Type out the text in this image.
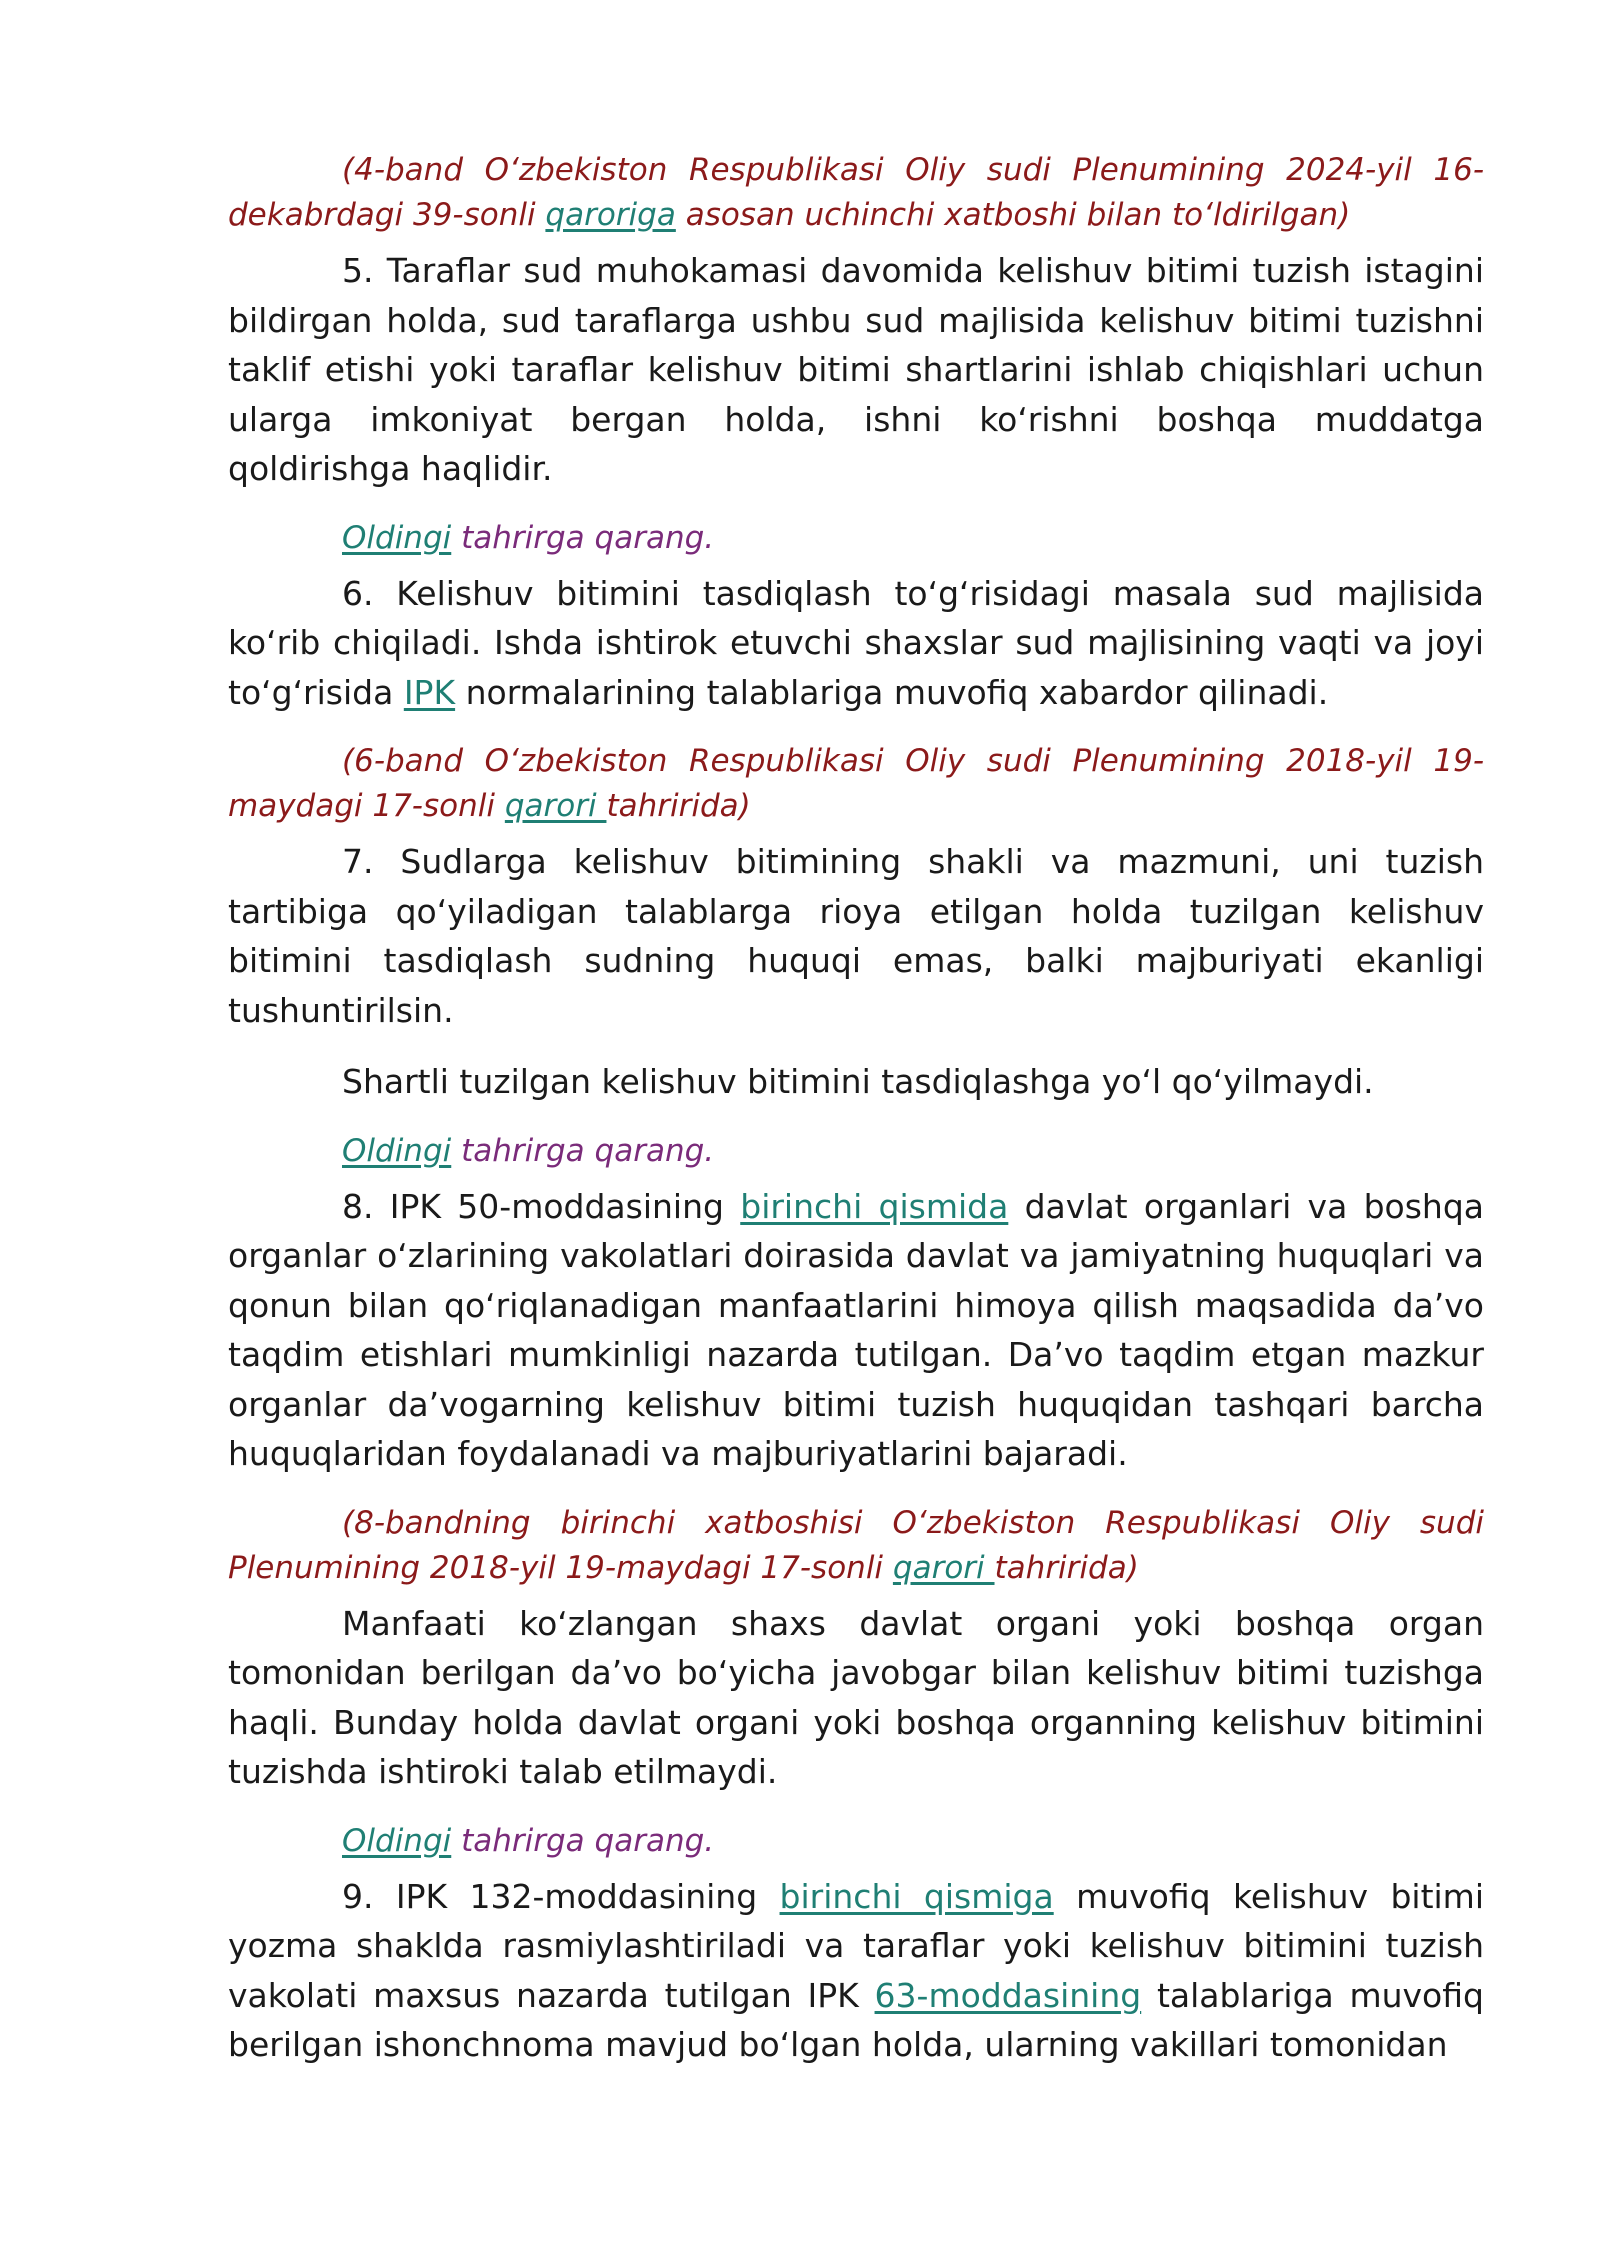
(4-band O‘zbekiston Respublikasi Oliy sudi Plenumining 2024-yil 16-dekabrdagi 39-sonli qaroriga asosan uchinchi xatboshi bilan to‘ldirilgan)

5. Taraflar sud muhokamasi davomida kelishuv bitimi tuzish istagini bildirgan holda, sud taraflarga ushbu sud majlisida kelishuv bitimi tuzishni taklif etishi yoki taraflar kelishuv bitimi shartlarini ishlab chiqishlari uchun ularga imkoniyat bergan holda, ishni ko‘rishni boshqa muddatga qoldirishga haqlidir.

Oldingi tahrirga qarang.

6. Kelishuv bitimini tasdiqlash to‘g‘risidagi masala sud majlisida ko‘rib chiqiladi. Ishda ishtirok etuvchi shaxslar sud majlisining vaqti va joyi to‘g‘risida IPK normalarining talablariga muvofiq xabardor qilinadi.

(6-band O‘zbekiston Respublikasi Oliy sudi Plenumining 2018-yil 19-maydagi 17-sonli qarori tahririda)

7. Sudlarga kelishuv bitimining shakli va mazmuni, uni tuzish tartibiga qo‘yiladigan talablarga rioya etilgan holda tuzilgan kelishuv bitimini tasdiqlash sudning huquqi emas, balki majburiyati ekanligi tushuntirilsin.

Shartli tuzilgan kelishuv bitimini tasdiqlashga yo‘l qo‘yilmaydi.

Oldingi tahrirga qarang.

8. IPK 50-moddasining birinchi qismida davlat organlari va boshqa organlar o‘zlarining vakolatlari doirasida davlat va jamiyatning huquqlari va qonun bilan qo‘riqlanadigan manfaatlarini himoya qilish maqsadida da’vo taqdim etishlari mumkinligi nazarda tutilgan. Da’vo taqdim etgan mazkur organlar da’vogarning kelishuv bitimi tuzish huquqidan tashqari barcha huquqlaridan foydalanadi va majburiyatlarini bajaradi.

(8-bandning birinchi xatboshisi O‘zbekiston Respublikasi Oliy sudi Plenumining 2018-yil 19-maydagi 17-sonli qarori tahririda)

Manfaati ko‘zlangan shaxs davlat organi yoki boshqa organ tomonidan berilgan da’vo bo‘yicha javobgar bilan kelishuv bitimi tuzishga haqli. Bunday holda davlat organi yoki boshqa organning kelishuv bitimini tuzishda ishtiroki talab etilmaydi.

Oldingi tahrirga qarang.

9. IPK 132-moddasining birinchi qismiga muvofiq kelishuv bitimi yozma shaklda rasmiylashtiriladi va taraflar yoki kelishuv bitimini tuzish vakolati maxsus nazarda tutilgan IPK 63-moddasining talablariga muvofiq berilgan ishonchnoma mavjud bo‘lgan holda, ularning vakillari tomonidan
